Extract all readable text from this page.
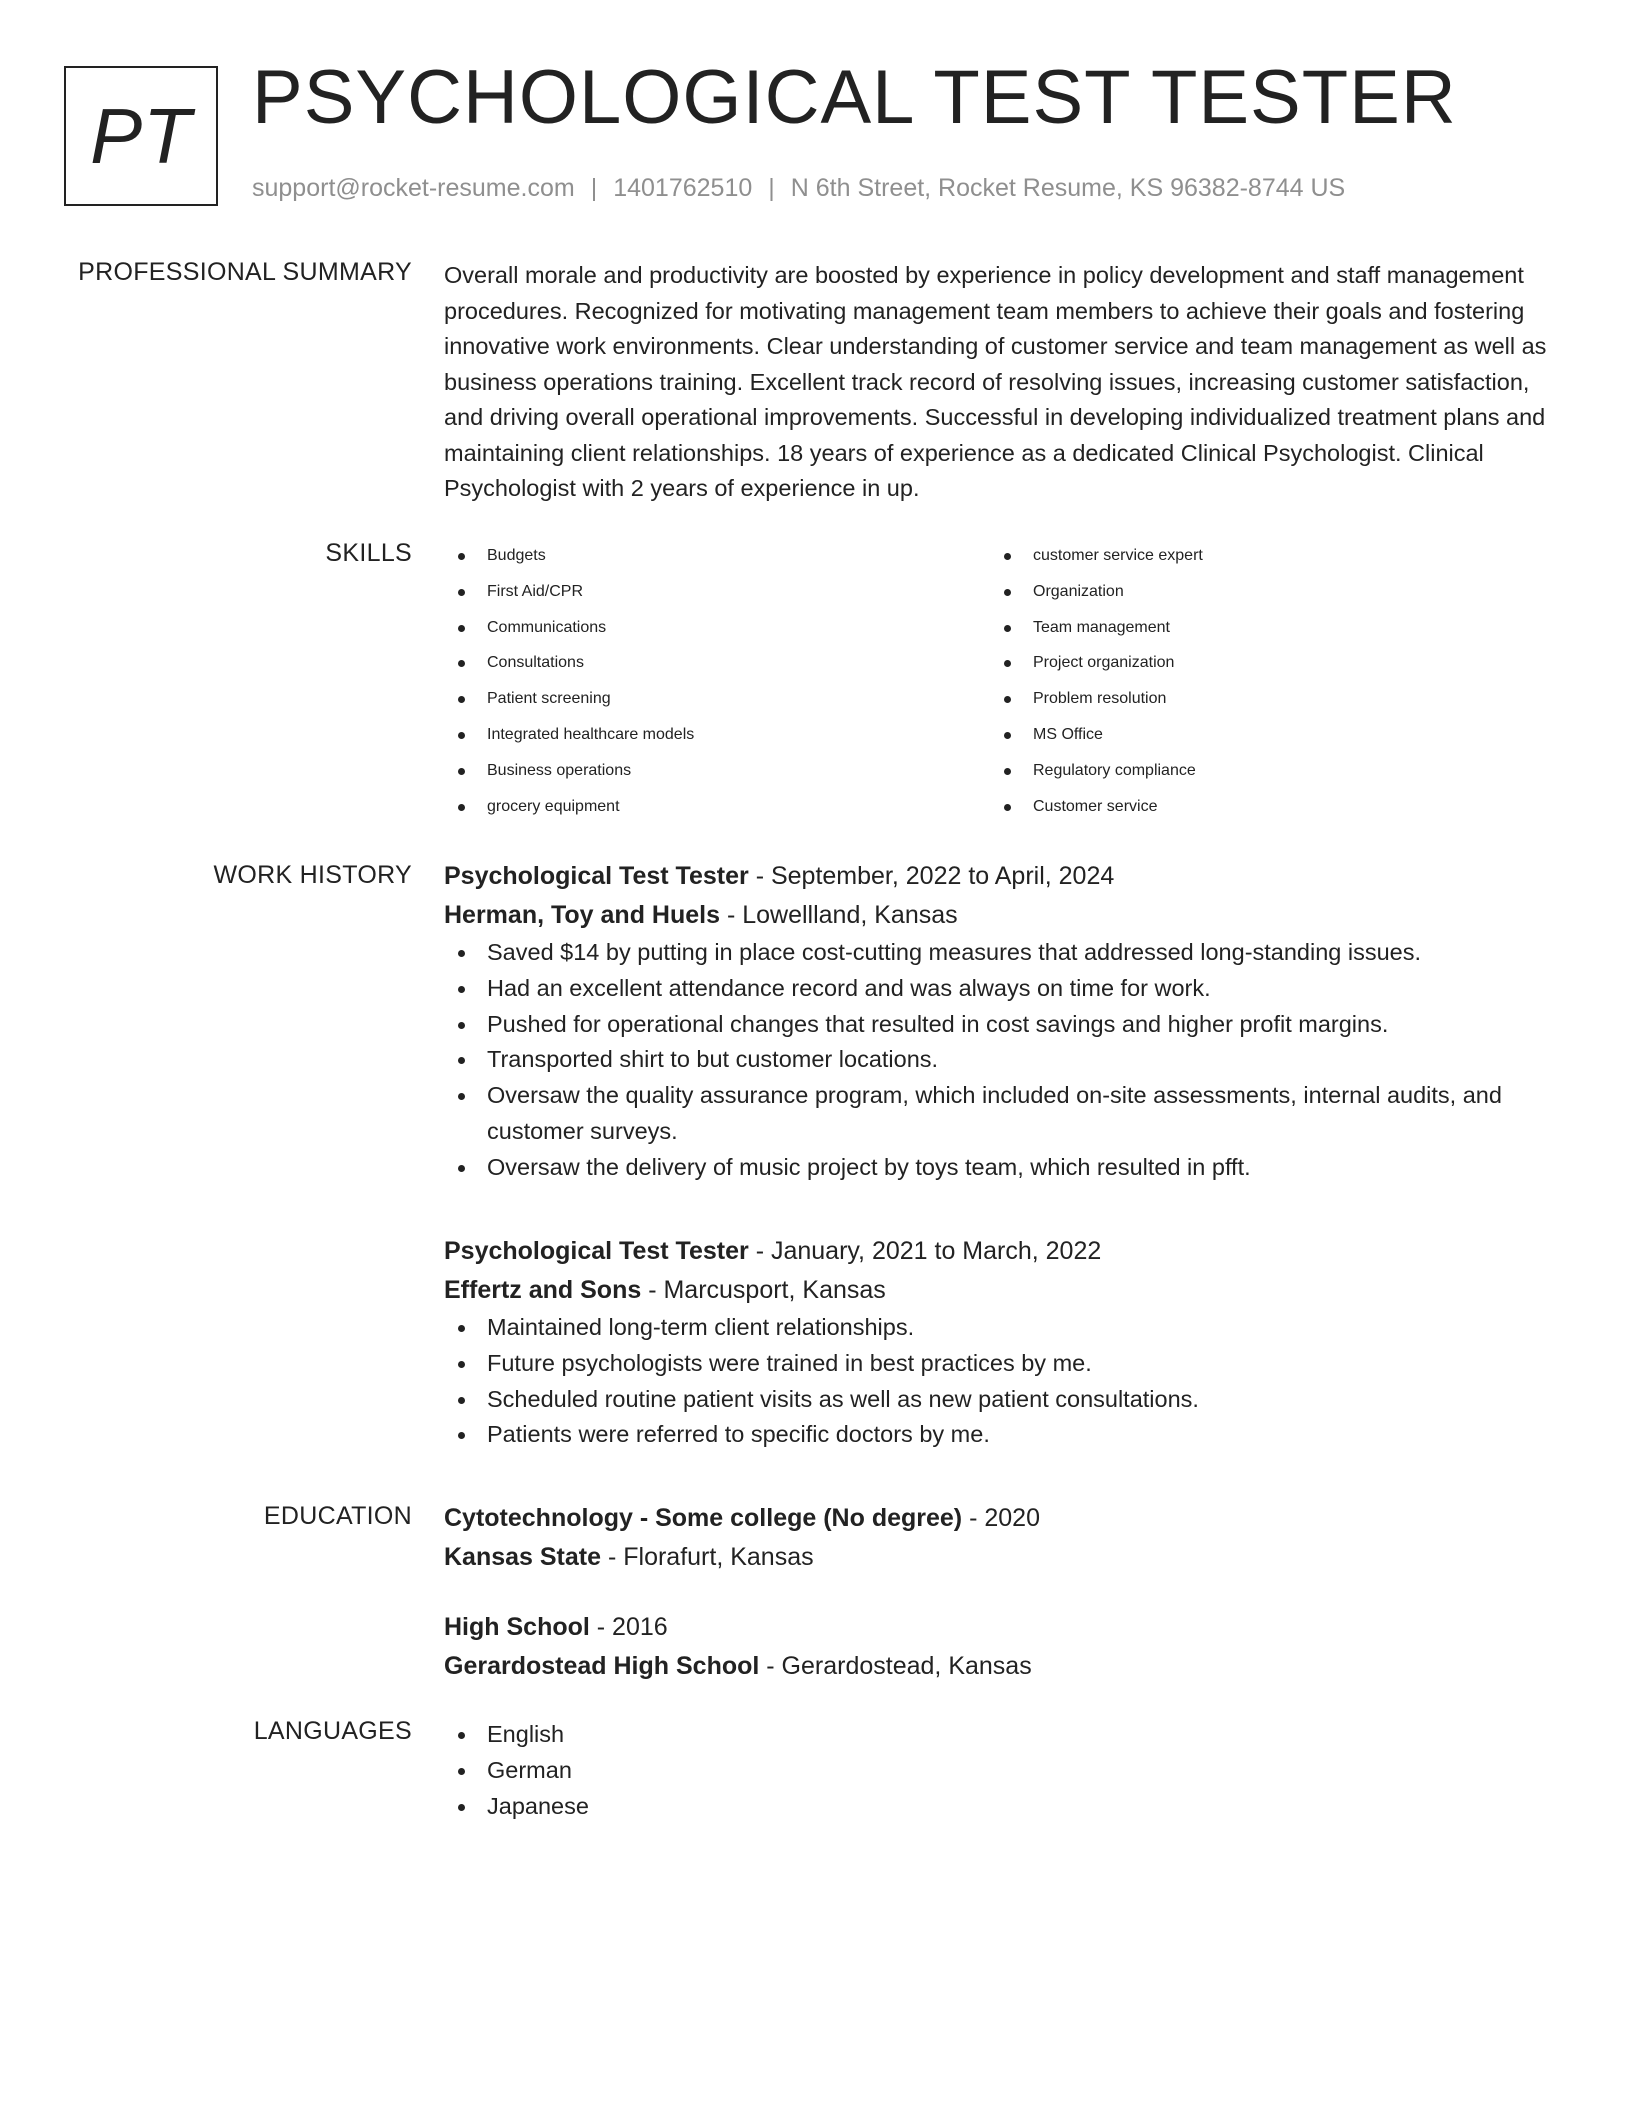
PT PSYCHOLOGICAL TEST TESTER
support@rocket-resume.com | 1401762510 | N 6th Street, Rocket Resume, KS 96382-8744 US
PROFESSIONAL SUMMARY Overall morale and productivity are boosted by experience in policy development and staff management procedures. Recognized for motivating management team members to achieve their goals and fostering innovative work environments. Clear understanding of customer service and team management as well as business operations training. Excellent track record of resolving issues, increasing customer satisfaction, and driving overall operational improvements. Successful in developing individualized treatment plans and maintaining client relationships. 18 years of experience as a dedicated Clinical Psychologist. Clinical Psychologist with 2 years of experience in up.
SKILLS	Budgets
First Aid/CPR
Communications
Consultations
Patient screening
Integrated healthcare models
Business operations
grocery equipment
customer service expert
Organization
Team management
Project organization
Problem resolution
MS Office
Regulatory compliance
Customer service
WORK HISTORY Psychological Test Tester - September, 2022 to April, 2024
Herman, Toy and Huels - Lowellland, Kansas
Saved $14 by putting in place cost-cutting measures that addressed long-standing issues.
Had an excellent attendance record and was always on time for work.
Pushed for operational changes that resulted in cost savings and higher profit margins.
Transported shirt to but customer locations.
Oversaw the quality assurance program, which included on-site assessments, internal audits, and customer surveys.
Oversaw the delivery of music project by toys team, which resulted in pfft.
Psychological Test Tester - January, 2021 to March, 2022
Effertz and Sons - Marcusport, Kansas
Maintained long-term client relationships.
Future psychologists were trained in best practices by me.
Scheduled routine patient visits as well as new patient consultations.
Patients were referred to specific doctors by me.
EDUCATION Cytotechnology - Some college (No degree) - 2020
Kansas State - Florafurt, Kansas
High School - 2016
Gerardostead High School - Gerardostead, Kansas
LANGUAGES	English
German
Japanese
